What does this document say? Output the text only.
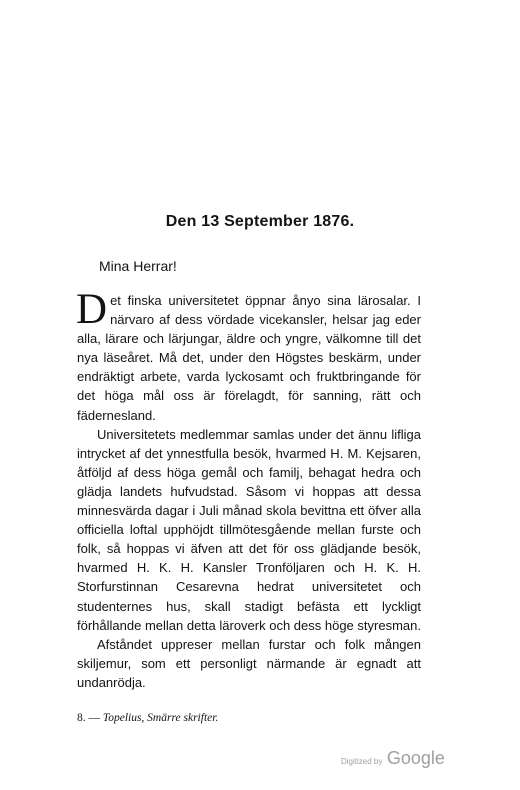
Den 13 September 1876.
Mina Herrar!

Det finska universitetet öppnar ånyo sina lärosalar. I närvaro af dess vördade vicekansler, helsar jag eder alla, lärare och lärjungar, äldre och yngre, välkomne till det nya läseåret. Må det, under den Högstes beskärm, under endräktigt arbete, varda lyckosamt och fruktbringande för det höga mål oss är förelagdt, för sanning, rätt och fädernesland.

Universitetets medlemmar samlas under det ännu lifliga intrycket af det ynnestfulla besök, hvarmed H. M. Kejsaren, åtföljd af dess höga gemål och familj, behagat hedra och glädja landets hufvudstad. Såsom vi hoppas att dessa minnesvärda dagar i Juli månad skola bevittna ett öfver alla officiella loftal upphöjdt tillmötesgående mellan furste och folk, så hoppas vi äfven att det för oss glädjande besök, hvarmed H. K. H. Kansler Tronföljaren och H. K. H. Storfurstinnan Cesarevna hedrat universitetet och studenternes hus, skall stadigt befästa ett lyckligt förhållande mellan detta läroverk och dess höge styresman.

Afståndet uppreser mellan furstar och folk mången skiljemur, som ett personligt närmande är egnadt att undanrödja.

8. — Topelius, Smärre skrifter.
Digitized by Google
